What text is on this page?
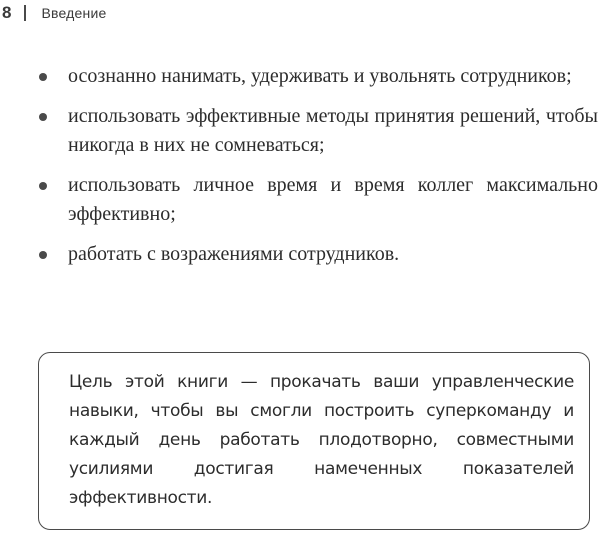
8 Введение
осознанно нанимать, удерживать и увольнять сотрудников;
использовать эффективные методы принятия решений, чтобы никогда в них не сомневаться;
использовать личное время и время коллег максимально эффективно;
работать с возражениями сотрудников.

Цель этой книги — прокачать ваши управленческие навыки, чтобы вы смогли построить суперкоманду и каждый день работать плодотворно, совместными усилиями достигая намеченных показателей эффективности.
